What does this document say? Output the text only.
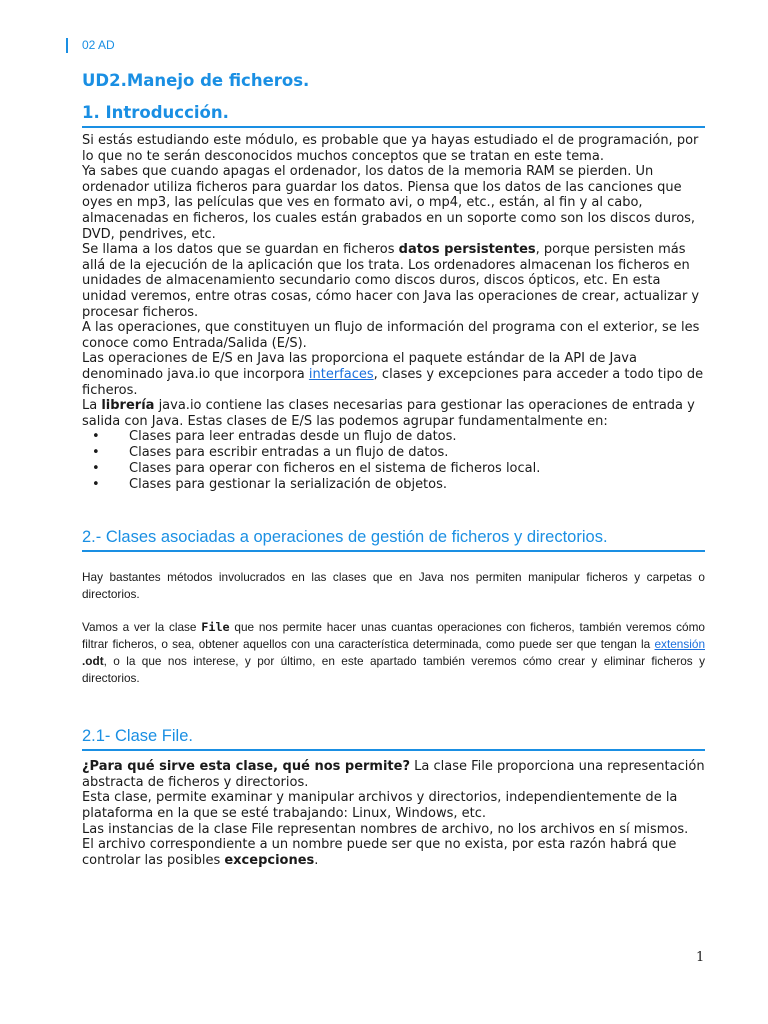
02 AD
UD2.Manejo de ficheros.
1. Introducción.

Si estás estudiando este módulo, es probable que ya hayas estudiado el de programación, por lo que no te serán desconocidos muchos conceptos que se tratan en este tema.

Ya sabes que cuando apagas el ordenador, los datos de la memoria RAM se pierden. Un ordenador utiliza ficheros para guardar los datos. Piensa que los datos de las canciones que oyes en mp3, las películas que ves en formato avi, o mp4, etc., están, al fin y al cabo, almacenadas en ficheros, los cuales están grabados en un soporte como son los discos duros, DVD, pendrives, etc.

Se llama a los datos que se guardan en ficheros datos persistentes, porque persisten más allá de la ejecución de la aplicación que los trata. Los ordenadores almacenan los ficheros en unidades de almacenamiento secundario como discos duros, discos ópticos, etc. En esta unidad veremos, entre otras cosas, cómo hacer con Java las operaciones de crear, actualizar y procesar ficheros.

A las operaciones, que constituyen un flujo de información del programa con el exterior, se les conoce como Entrada/Salida (E/S).

Las operaciones de E/S en Java las proporciona el paquete estándar de la API de Java denominado java.io que incorpora interfaces, clases y excepciones para acceder a todo tipo de ficheros.

La librería java.io contiene las clases necesarias para gestionar las operaciones de entrada y salida con Java. Estas clases de E/S las podemos agrupar fundamentalmente en:

• Clases para leer entradas desde un flujo de datos.
• Clases para escribir entradas a un flujo de datos.
• Clases para operar con ficheros en el sistema de ficheros local.
• Clases para gestionar la serialización de objetos.
2.- Clases asociadas a operaciones de gestión de ficheros y directorios.

Hay bastantes métodos involucrados en las clases que en Java nos permiten manipular ficheros y carpetas o directorios.

Vamos a ver la clase File que nos permite hacer unas cuantas operaciones con ficheros, también veremos cómo filtrar ficheros, o sea, obtener aquellos con una característica determinada, como puede ser que tengan la extensión .odt, o la que nos interese, y por último, en este apartado también veremos cómo crear y eliminar ficheros y directorios.

2.1- Clase File.

¿Para qué sirve esta clase, qué nos permite? La clase File proporciona una representación abstracta de ficheros y directorios.

Esta clase, permite examinar y manipular archivos y directorios, independientemente de la plataforma en la que se esté trabajando: Linux, Windows, etc.

Las instancias de la clase File representan nombres de archivo, no los archivos en sí mismos.

El archivo correspondiente a un nombre puede ser que no exista, por esta razón habrá que controlar las posibles excepciones.

1
